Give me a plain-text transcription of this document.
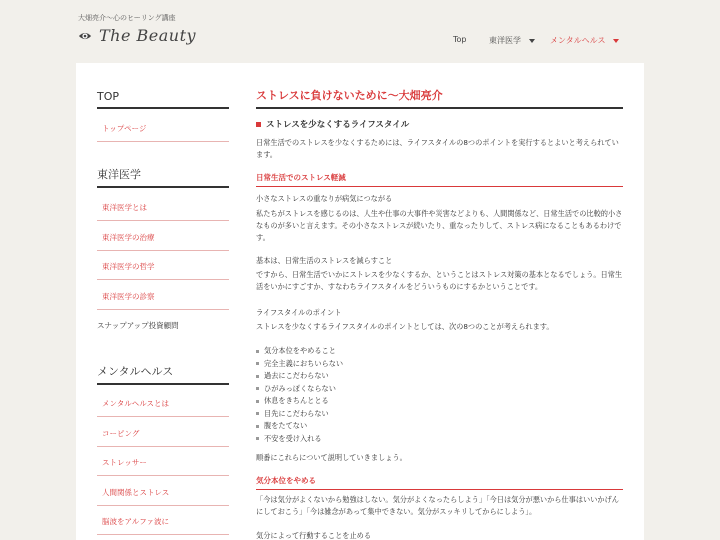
大畑亮介〜心のヒーリング講座
The Beauty	Top	東洋医学	メンタルヘルス
TOP
トップページ
東洋医学
東洋医学とは
東洋医学の治療
東洋医学の哲学
東洋医学の診察
スナップアップ投資顧問
メンタルヘルス
メンタルヘルスとは
コーピング
ストレッサー
人間関係とストレス
脳波をアルファ波に
ストレスに負けないために〜大畑亮介
ストレスを少なくするライフスタイル
日常生活でのストレスを少なくするためには、ライフスタイルの8つのポイントを実行するとよいと考えられています。
日常生活でのストレス軽減
小さなストレスの重なりが病気につながる
私たちがストレスを感じるのは、人生や仕事の大事件や災害などよりも、人間関係など、日常生活での比較的小さなものが多いと言えます。その小さなストレスが続いたり、重なったりして、ストレス病になることもあるわけです。
基本は、日常生活のストレスを減らすこと
ですから、日常生活でいかにストレスを少なくするか、ということはストレス対策の基本となるでしょう。日常生活をいかにすごすか、すなわちライフスタイルをどういうものにするかということです。
ライフスタイルのポイント
ストレスを少なくするライフスタイルのポイントとしては、次の8つのことが考えられます。
気分本位をやめること
完全主義におちいらない
過去にこだわらない
ひがみっぽくならない
休息をきちんととる
目先にこだわらない
腹をたてない
不安を受け入れる
順番にこれらについて説明していきましょう。
気分本位をやめる
「今は気分がよくないから勉強はしない。気分がよくなったらしよう」「今日は気分が悪いから仕事はいいかげんにしておこう」「今は雑念があって集中できない。気分がスッキリしてからにしよう」。
気分によって行動することを止める
